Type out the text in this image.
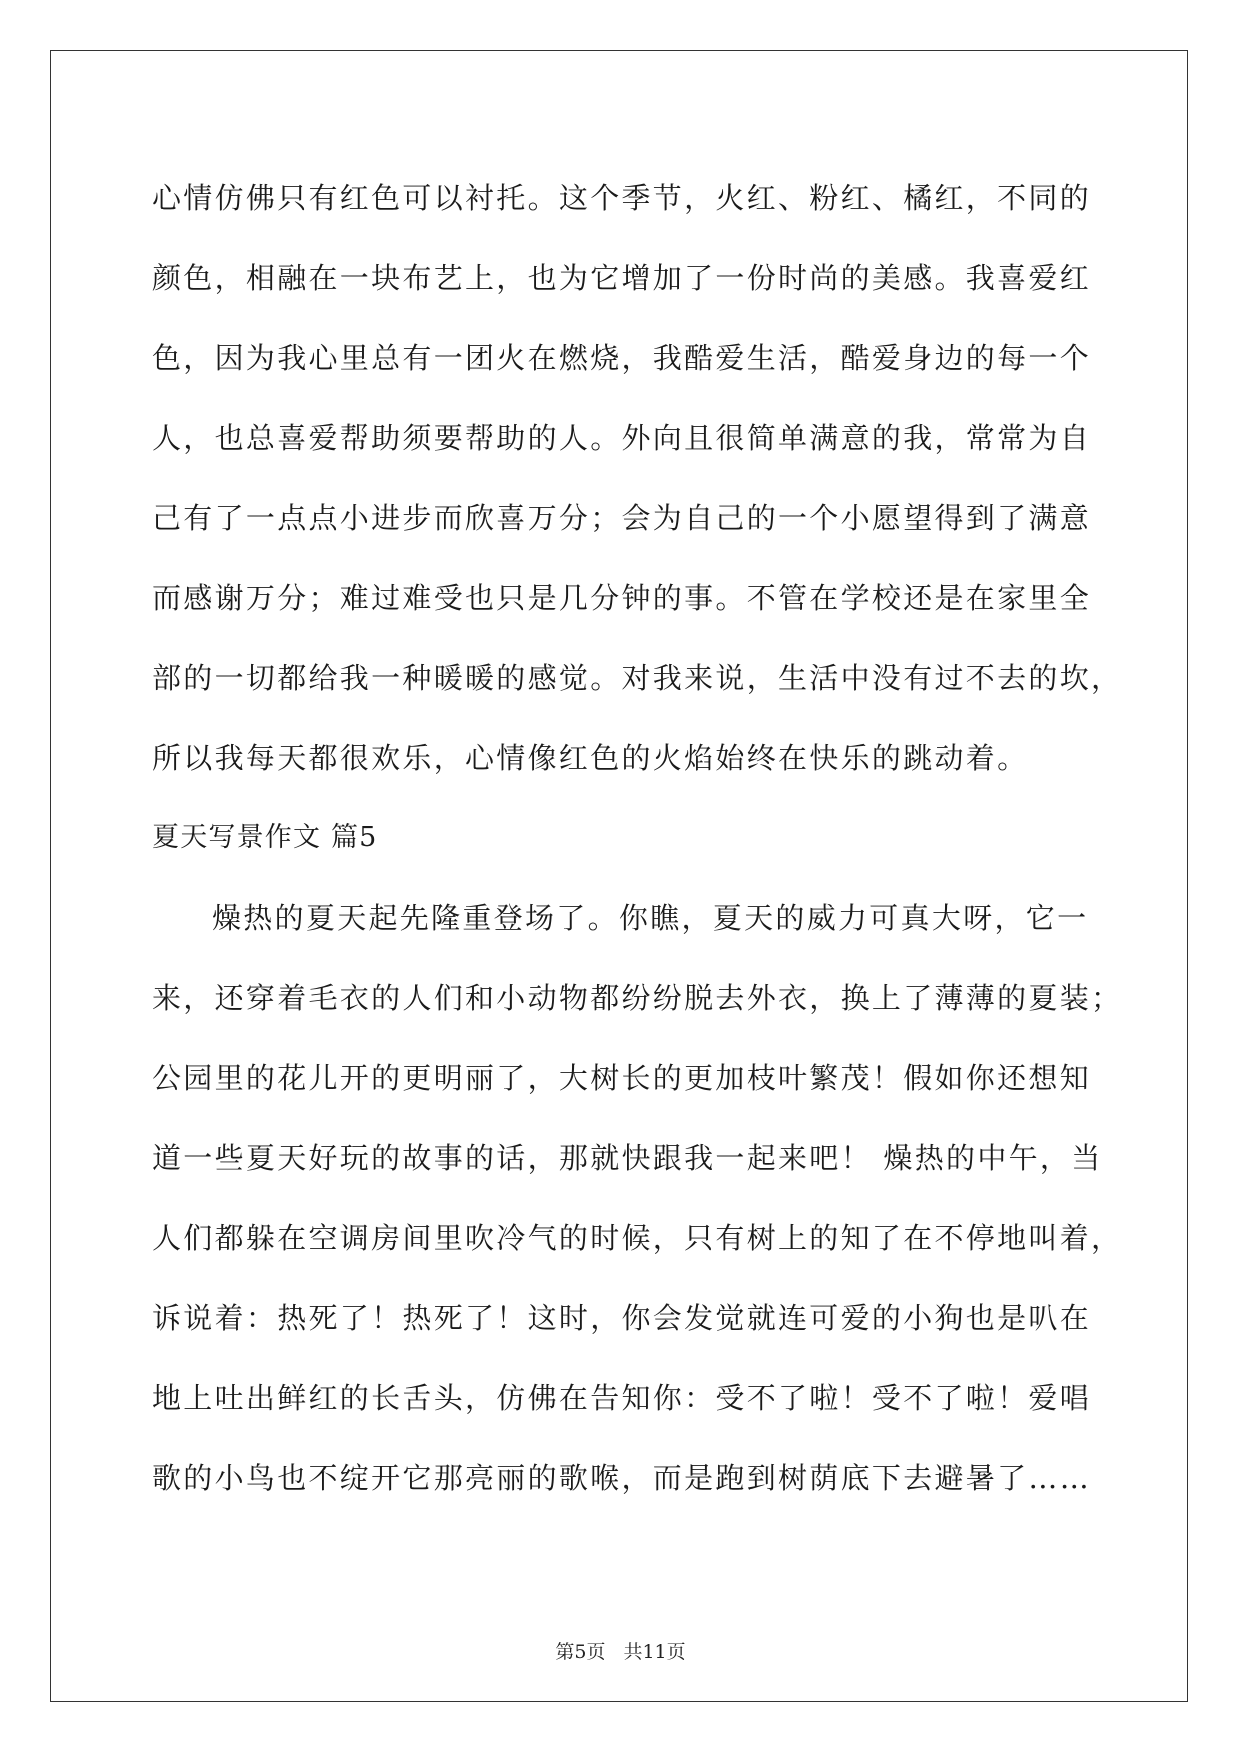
心情仿佛只有红色可以衬托。这个季节，火红、粉红、橘红，不同的
颜色，相融在一块布艺上，也为它增加了一份时尚的美感。我喜爱红
色，因为我心里总有一团火在燃烧，我酷爱生活，酷爱身边的每一个
人，也总喜爱帮助须要帮助的人。外向且很简单满意的我，常常为自
己有了一点点小进步而欣喜万分；会为自己的一个小愿望得到了满意
而感谢万分；难过难受也只是几分钟的事。不管在学校还是在家里全
部的一切都给我一种暖暖的感觉。对我来说，生活中没有过不去的坎，
所以我每天都很欢乐，心情像红色的火焰始终在快乐的跳动着。
夏天写景作文 篇5
燥热的夏天起先隆重登场了。你瞧，夏天的威力可真大呀，它一
来，还穿着毛衣的人们和小动物都纷纷脱去外衣，换上了薄薄的夏装；
公园里的花儿开的更明丽了，大树长的更加枝叶繁茂！假如你还想知
道一些夏天好玩的故事的话，那就快跟我一起来吧！ 燥热的中午，当
人们都躲在空调房间里吹冷气的时候，只有树上的知了在不停地叫着，
诉说着：热死了！热死了！这时，你会发觉就连可爱的小狗也是叭在
地上吐出鲜红的长舌头，仿佛在告知你：受不了啦！受不了啦！爱唱
歌的小鸟也不绽开它那亮丽的歌喉，而是跑到树荫底下去避暑了……
第5页 共11页
